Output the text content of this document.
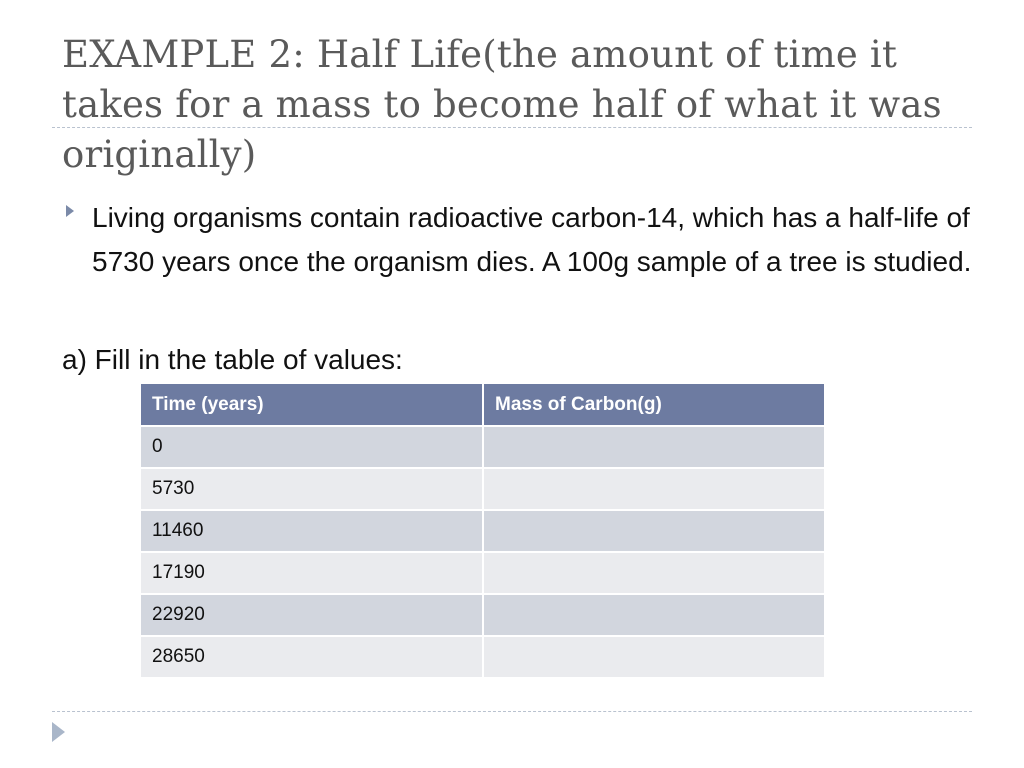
EXAMPLE 2: Half Life(the amount of time it takes for a mass to become half of what it was originally)
Living organisms contain radioactive carbon-14, which has a half-life of 5730 years once the organism dies. A 100g sample of a tree is studied.
a) Fill in the table of values:
Time (years)	Mass of Carbon(g)
0	
5730	
11460	
17190	
22920	
28650	
